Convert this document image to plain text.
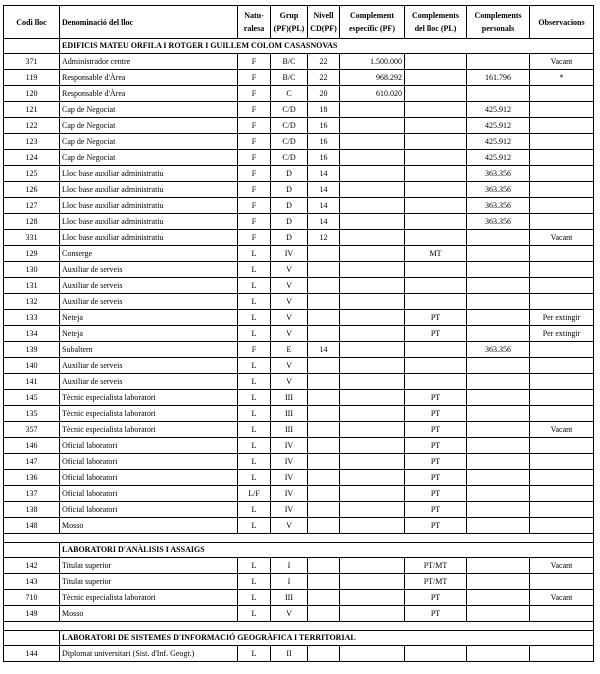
Codi lloc	Denominació del lloc	Natu-ralesa	Grup (PF)(PL)	Nivell CD(PF)	Complement específic (PF)	Complements del lloc (PL)	Complements personals	Observacions
	EDIFICIS MATEU ORFILA I ROTGER I GUILLEM COLOM CASASNOVAS							
371	Administrador centre	F	B/C	22	1.500.000			Vacant
119	Responsable d'Àrea	F	B/C	22	968.292		161.796	*
120	Responsable d'Àrea	F	C	20	610.020			
121	Cap de Negociat	F	C/D	18			425.912	
122	Cap de Negociat	F	C/D	16			425.912	
123	Cap de Negociat	F	C/D	16			425.912	
124	Cap de Negociat	F	C/D	16			425.912	
125	Lloc base auxiliar administratiu	F	D	14			363.356	
126	Lloc base auxiliar administratiu	F	D	14			363.356	
127	Lloc base auxiliar administratiu	F	D	14			363.356	
128	Lloc base auxiliar administratiu	F	D	14			363.356	
331	Lloc base auxiliar administratiu	F	D	12				Vacant
129	Conserge	L	IV			MT		
130	Auxiliar de serveis	L	V					
131	Auxiliar de serveis	L	V					
132	Auxiliar de serveis	L	V					
133	Neteja	L	V			PT		Per extingir
134	Neteja	L	V			PT		Per extingir
139	Subaltern	F	E	14			363.356	
140	Auxiliar de serveis	L	V					
141	Auxiliar de serveis	L	V					
145	Tècnic especialista laboratori	L	III			PT		
135	Tècnic especialista laboratori	L	III			PT		
357	Tècnic especialista laboratori	L	III			PT		Vacant
146	Oficial laboratori	L	IV			PT		
147	Oficial laboratori	L	IV			PT		
136	Oficial laboratori	L	IV			PT		
137	Oficial laboratori	L/F	IV			PT		
138	Oficial laboratori	L	IV			PT		
148	Mosso	L	V			PT		

	LABORATORI D'ANÀLISIS I ASSAIGS							
142	Titulat superior	L	I			PT/MT		Vacant
143	Titulat superior	L	I			PT/MT		
710	Tècnic especialista laboratori	L	III			PT		Vacant
149	Mosso	L	V			PT		

	LABORATORI DE SISTEMES D'INFORMACIÓ GEOGRÀFICA I TERRITORIAL							
144	Diplomat universitari (Sist. d'Inf. Geogr.)	L	II					
